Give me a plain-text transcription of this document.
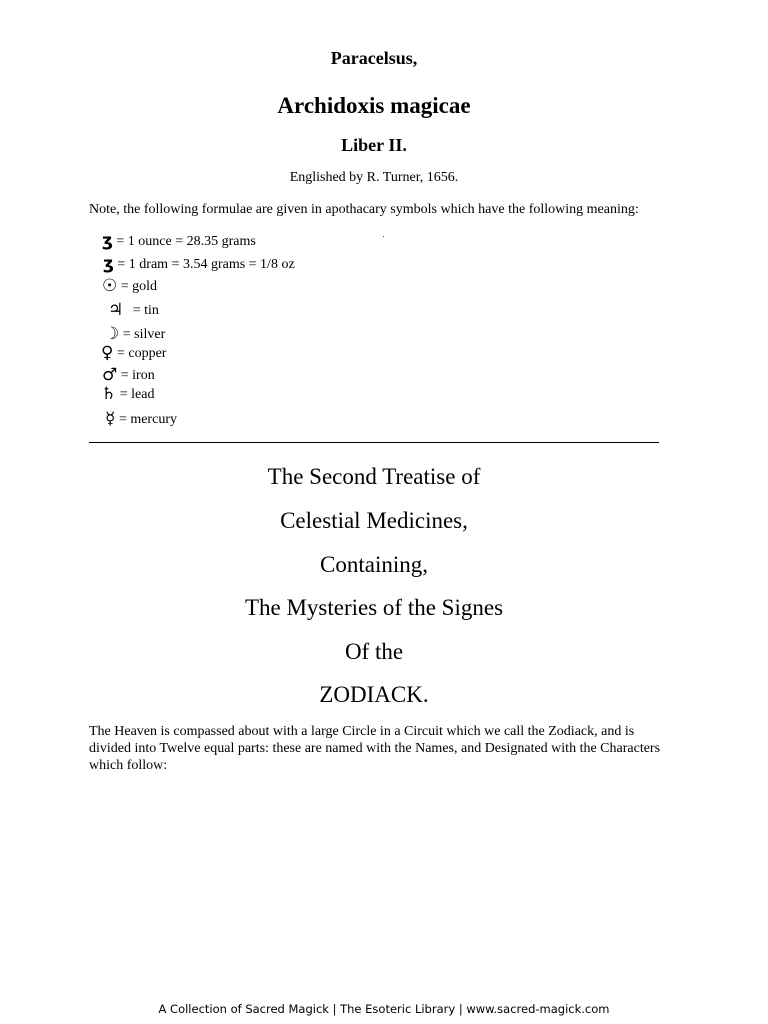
Paracelsus,
Archidoxis magicae
Liber II.
Englished by R. Turner, 1656.
Note, the following formulae are given in apothacary symbols which have the following meaning:
ʒ = 1 ounce = 28.35 grams
ʒ = 1 dram = 3.54 grams = 1/8 oz
☉ = gold
♃ = tin
☽ = silver
♀ = copper
♂ = iron
♄ = lead
☿ = mercury
The Second Treatise of
Celestial Medicines,
Containing,
The Mysteries of the Signes
Of the
ZODIACK.
The Heaven is compassed about with a large Circle in a Circuit which we call the Zodiack, and is divided into Twelve equal parts: these are named with the Names, and Designated with the Characters which follow:
A Collection of Sacred Magick | The Esoteric Library | www.sacred-magick.com
